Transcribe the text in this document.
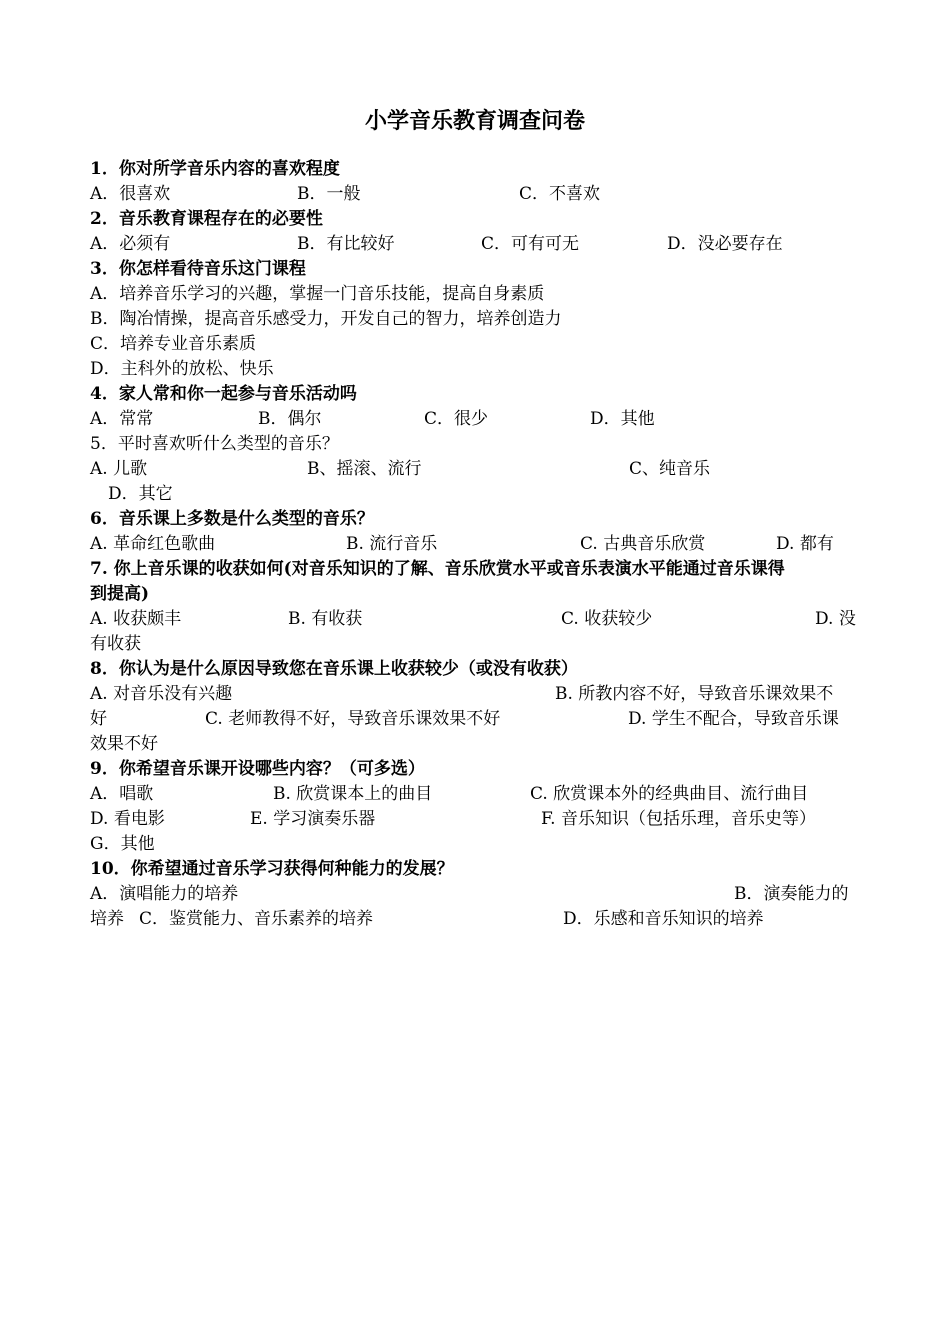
小学音乐教育调查问卷
1．你对所学音乐内容的喜欢程度
A．很喜欢	B．一般	C．不喜欢
2．音乐教育课程存在的必要性
A．必须有	B．有比较好	C．可有可无	D．没必要存在
3．你怎样看待音乐这门课程
A．培养音乐学习的兴趣，掌握一门音乐技能，提高自身素质
B．陶冶情操，提高音乐感受力，开发自己的智力，培养创造力
C．培养专业音乐素质
D．主科外的放松、快乐
4．家人常和你一起参与音乐活动吗
A．常常	B．偶尔	C．很少	D．其他
5．平时喜欢听什么类型的音乐？
A. 儿歌	B、摇滚、流行	C、纯音乐
D．其它
6．音乐课上多数是什么类型的音乐？
A. 革命红色歌曲	B. 流行音乐	C. 古典音乐欣赏	D. 都有
7. 你上音乐课的收获如何(对音乐知识的了解、音乐欣赏水平或音乐表演水平能通过音乐课得
到提高)
A. 收获颇丰	B. 有收获	C. 收获较少	D. 没
有收获
8．你认为是什么原因导致您在音乐课上收获较少（或没有收获）
A. 对音乐没有兴趣	B. 所教内容不好，导致音乐课效果不
好	C. 老师教得不好，导致音乐课效果不好	D. 学生不配合，导致音乐课
效果不好
9．你希望音乐课开设哪些内容？（可多选）
A．唱歌	B. 欣赏课本上的曲目	C. 欣赏课本外的经典曲目、流行曲目
D. 看电影	E. 学习演奏乐器	F. 音乐知识（包括乐理，音乐史等）
G．其他
10．你希望通过音乐学习获得何种能力的发展？
A．演唱能力的培养	B．演奏能力的
培养 C．鉴赏能力、音乐素养的培养	D．乐感和音乐知识的培养
